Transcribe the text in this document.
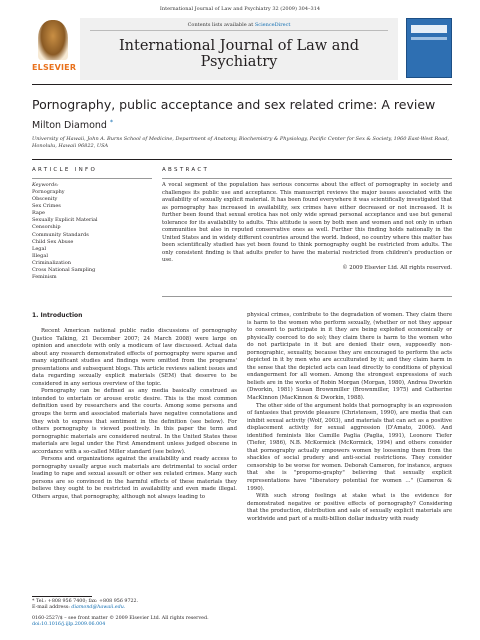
International Journal of Law and Psychiatry 32 (2009) 304–314
ELSEVIER
Contents lists available at ScienceDirect
International Journal of Law and Psychiatry
Pornography, public acceptance and sex related crime: A review
Milton Diamond *
University of Hawaii, John A. Burns School of Medicine, Department of Anatomy, Biochemistry & Physiology, Pacific Center for Sex & Society, 1960 East-West Road, Honolulu, Hawaii 96822, USA
ARTICLE INFO
Keywords:
Pornography
Obscenity
Sex Crimes
Rape
Sexually Explicit Material
Censorship
Community Standards
Child Sex Abuse
Legal
Illegal
Criminalization
Cross National Sampling
Feminism
ABSTRACT

A vocal segment of the population has serious concerns about the effect of pornography in society and challenges its public use and acceptance. This manuscript reviews the major issues associated with the availability of sexually explicit material. It has been found everywhere it was scientifically investigated that as pornography has increased in availability, sex crimes have either decreased or not increased. It is further been found that sexual erotica has not only wide spread personal acceptance and use but general tolerance for its availability to adults. This attitude is seen by both men and women and not only in urban communities but also in reputed conservative ones as well. Further this finding holds nationally in the United States and in widely different countries around the world. Indeed, no country where this matter has been scientifically studied has yet been found to think pornography ought be restricted from adults. The only consistent finding is that adults prefer to have the material restricted from children's production or use.

© 2009 Elsevier Ltd. All rights reserved.

1. Introduction

Recent American national public radio discussions of pornography (Justice Talking, 21 December 2007; 24 March 2008) were large on opinion and anecdote with only a modicum of law discussed. Actual data about any research demonstrated effects of pornography were sparse and many significant studies and findings were omitted from the programs' presentations and subsequent blogs. This article reviews salient issues and data regarding sexually explicit materials (SEM) that deserve to be considered in any serious overview of the topic.

Pornography can be defined as any media basically construed as intended to entertain or arouse erotic desire. This is the most common definition used by researchers and the courts. Among some persons and groups the term and associated materials have negative connotations and they wish to express that sentiment in the definition (see below). For others pornography is viewed positively. In this paper the term and pornographic materials are considered neutral. In the United States these materials are legal under the First Amendment unless judged obscene in accordance with a so-called Miller standard (see below).

Persons and organizations against the availability and ready access to pornography usually argue such materials are detrimental to social order leading to rape and sexual assault or other sex related crimes. Many such persons are so convinced in the harmful effects of these materials they believe they ought to be restricted in availability and even made illegal. Others argue, that pornography, although not always leading to

physical crimes, contribute to the degradation of women. They claim there is harm to the women who perform sexually, (whether or not they appear to consent to participate in it they are being exploited economically or physically coerced to do so); they claim there is harm to the women who do not participate in it but are denied their own, supposedly non-pornographic, sexuality, because they are encouraged to perform the acts depicted in it by men who are acculturated by it; and they claim harm in the sense that the depicted acts can lead directly to conditions of physical endangerment for all women. Among the strongest expressions of such beliefs are in the works of Robin Morgan (Morgan, 1980), Andrea Dworkin (Dworkin, 1981) Susan Brownmiller (Brownmiller, 1975) and Catherine MacKinnon (MacKinnon & Dworkin, 1988).

The other side of the argument holds that pornography is an expression of fantasies that provide pleasure (Christensen, 1990), are media that can inhibit sexual activity (Wolf, 2003), and materials that can act as a positive displacement activity for sexual aggression (D'Amato, 2006). And identified feminists like Camille Paglia (Paglia, 1991), Leonore Tiefer (Tiefer, 1986), N.B. McKormick (McKormick, 1994) and others consider that pornography actually empowers women by loosening them from the shackles of social prudery and anti-social restrictions. They consider censorship to be worse for women. Deborah Cameron, for instance, argues that she is "proporno-graphy" believing that sexually explicit representations have "liberatory potential for women ..." (Cameron & 1990).

With such strong feelings at stake what is the evidence for demonstrated negative or positive effects of pornography? Considering that the production, distribution and sale of sexually explicit materials are worldwide and part of a multi-billion dollar industry with ready

* Tel.: +808 956 7400; fax: +808 956 9722.
E-mail address: diamond@hawaii.edu.
0160-2527/$ – see front matter © 2009 Elsevier Ltd. All rights reserved.
doi:10.1016/j.ijlp.2009.06.004
